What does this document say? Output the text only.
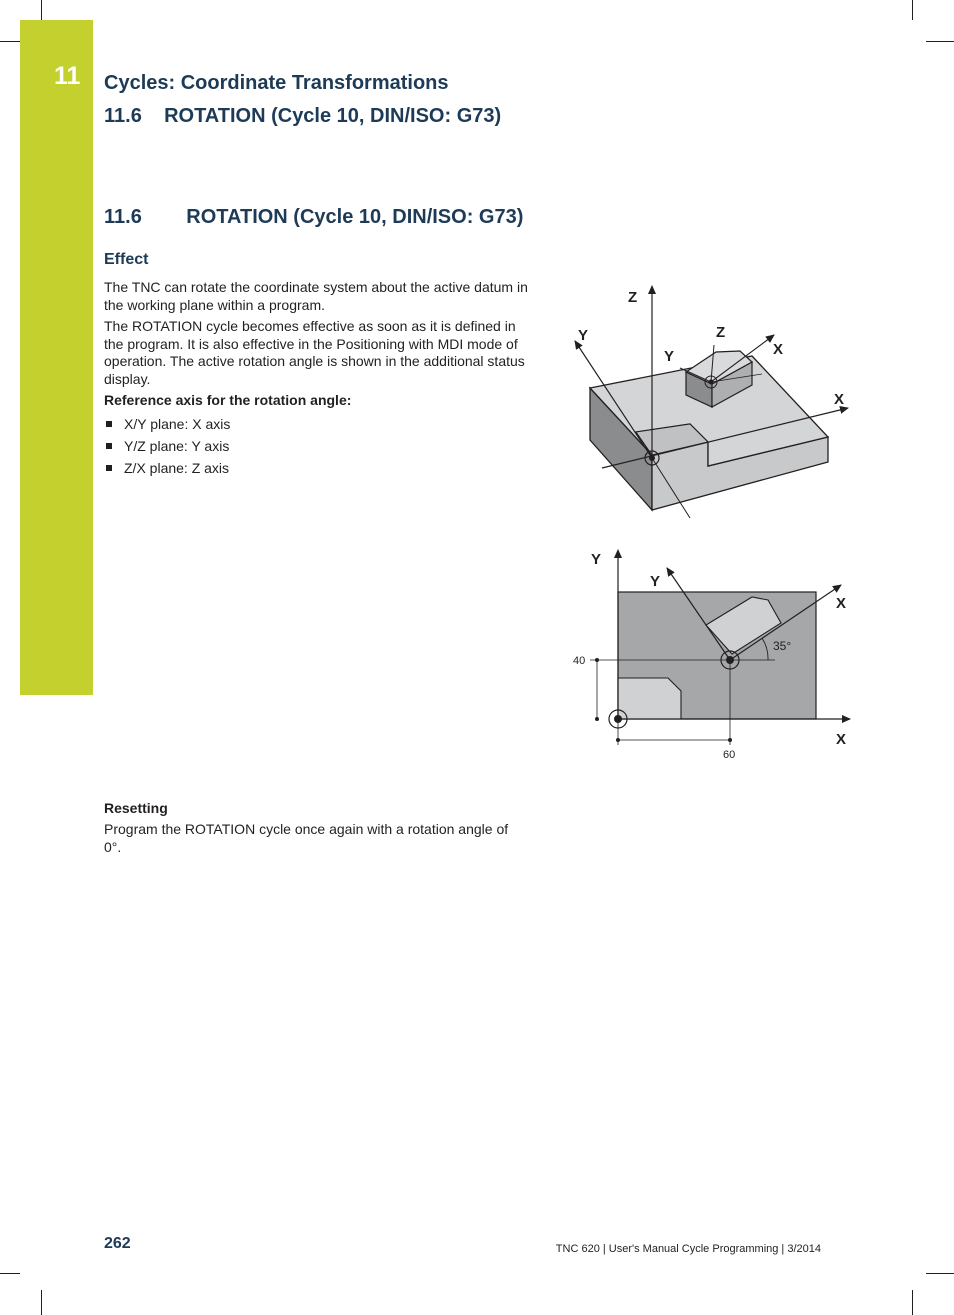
11 Cycles: Coordinate Transformations
11.6 ROTATION (Cycle 10, DIN/ISO: G73)
11.6 ROTATION (Cycle 10, DIN/ISO: G73)
Effect
The TNC can rotate the coordinate system about the active datum in the working plane within a program.
The ROTATION cycle becomes effective as soon as it is defined in the program. It is also effective in the Positioning with MDI mode of operation. The active rotation angle is shown in the additional status display.
Reference axis for the rotation angle:
X/Y plane: X axis
Y/Z plane: Y axis
Z/X plane: Z axis
Resetting
Program the ROTATION cycle once again with a rotation angle of 0°.
Z
Y
X
Z
Y	X
Y
Y
X
X
35°
40
60
262	TNC 620 | User's Manual Cycle Programming | 3/2014
